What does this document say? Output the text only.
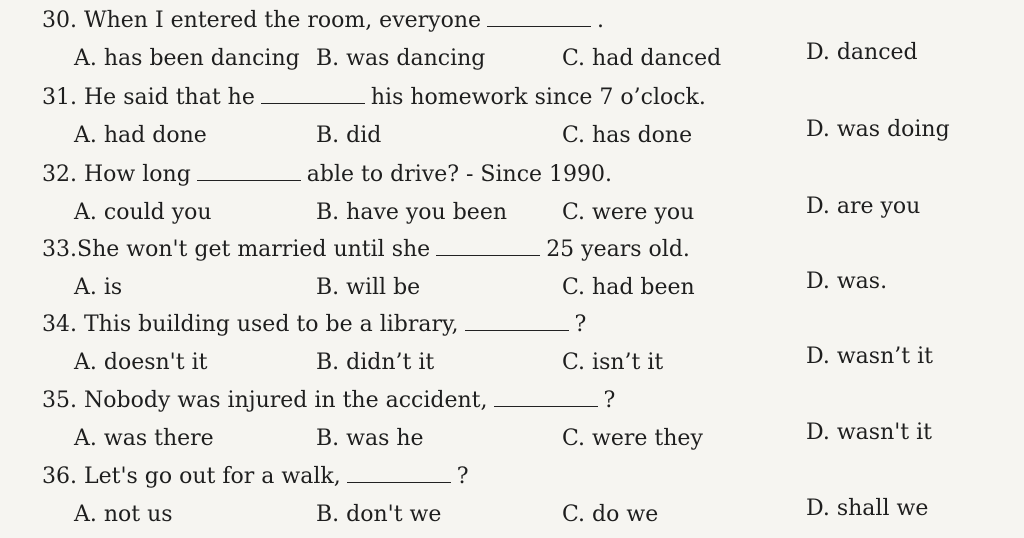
30. When I entered the room, everyone	.
A. has been dancing B. was dancing	C. had danced	D. danced
31. He said that he	his homework since 7 o’clock.
A. had done	B. did	C. has done	D. was doing
32. How long	able to drive? - Since 1990.
A. could you	B. have you been C. were you	D. are you
33.She won't get married until she	25 years old.
A. is	B. will be	C. had been	D. was.
34. This building used to be a library,	?
A. doesn't it	B. didn’t it	C. isn’t it	D. wasn’t it
35. Nobody was injured in the accident,	?
A. was there	B. was he	C. were they	D. wasn't it
36. Let's go out for a walk,	?
A. not us	B. don't we	C. do we	D. shall we
